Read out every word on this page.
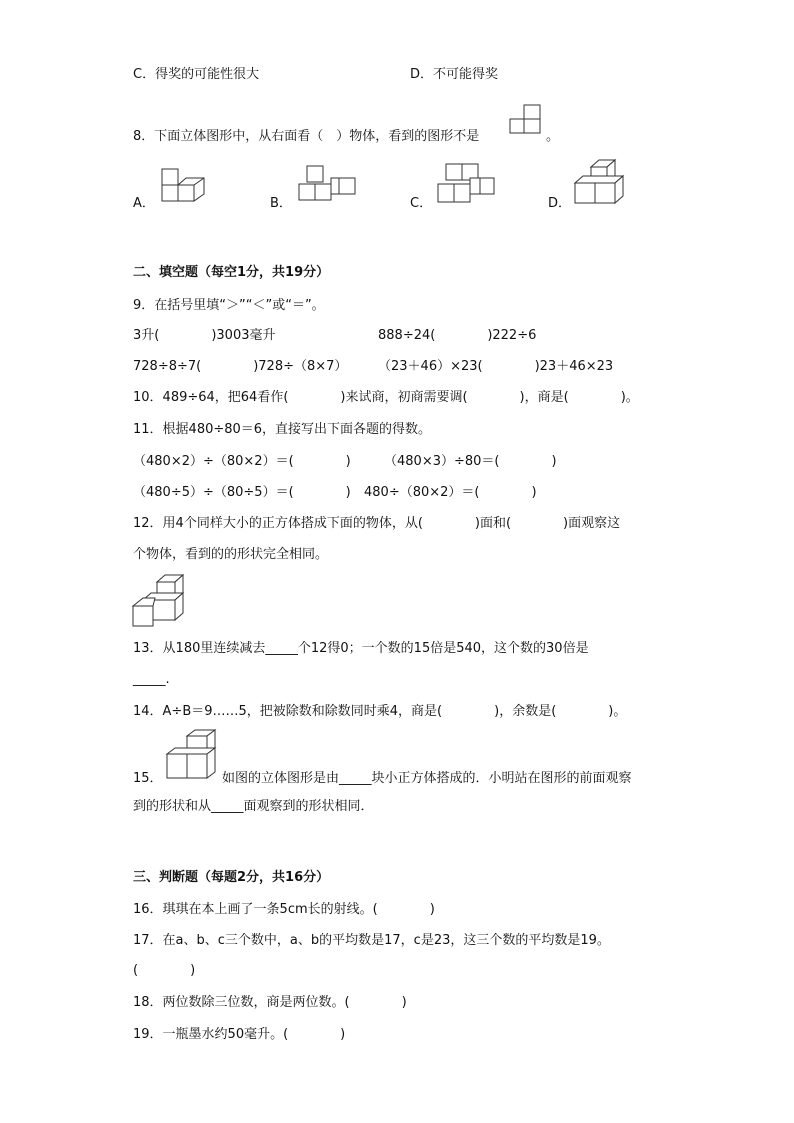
C．得奖的可能性很大	D．不可能得奖
8．下面立体图形中，从右面看（　）物体，看到的图形不是	。
A．	B．	C．	D．
二、填空题（每空1分，共19分）
9．在括号里填“＞”“＜”或“＝”。
3升(　　　　)3003毫升	888÷24(　　　　)222÷6
728÷8÷7(　　　　)728÷（8×7） （23＋46）×23(　　　　)23＋46×23
10．489÷64，把64看作(　　　　)来试商，初商需要调(　　　　)，商是(　　　　)。
11．根据480÷80＝6，直接写出下面各题的得数。
（480×2）÷（80×2）＝(　　　　)	（480×3）÷80＝(　　　　)
（480÷5）÷（80÷5）＝(　　　　) 480÷（80×2）＝(　　　　)
12．用4个同样大小的正方体搭成下面的物体，从(　　　　)面和(　　　　)面观察这
个物体，看到的的形状完全相同。
13．从180里连续减去_____个12得0；一个数的15倍是540，这个数的30倍是
_____.
14．A÷B＝9……5，把被除数和除数同时乘4，商是(　　　　)，余数是(　　　　)。
15．	如图的立体图形是由_____块小正方体搭成的．小明站在图形的前面观察
到的形状和从_____面观察到的形状相同．
三、判断题（每题2分，共16分）
16．琪琪在本上画了一条5cm长的射线。(　　　　)
17．在a、b、c三个数中，a、b的平均数是17，c是23，这三个数的平均数是19。
(　　　　)
18．两位数除三位数，商是两位数。(　　　　)
19．一瓶墨水约50毫升。(　　　　)
